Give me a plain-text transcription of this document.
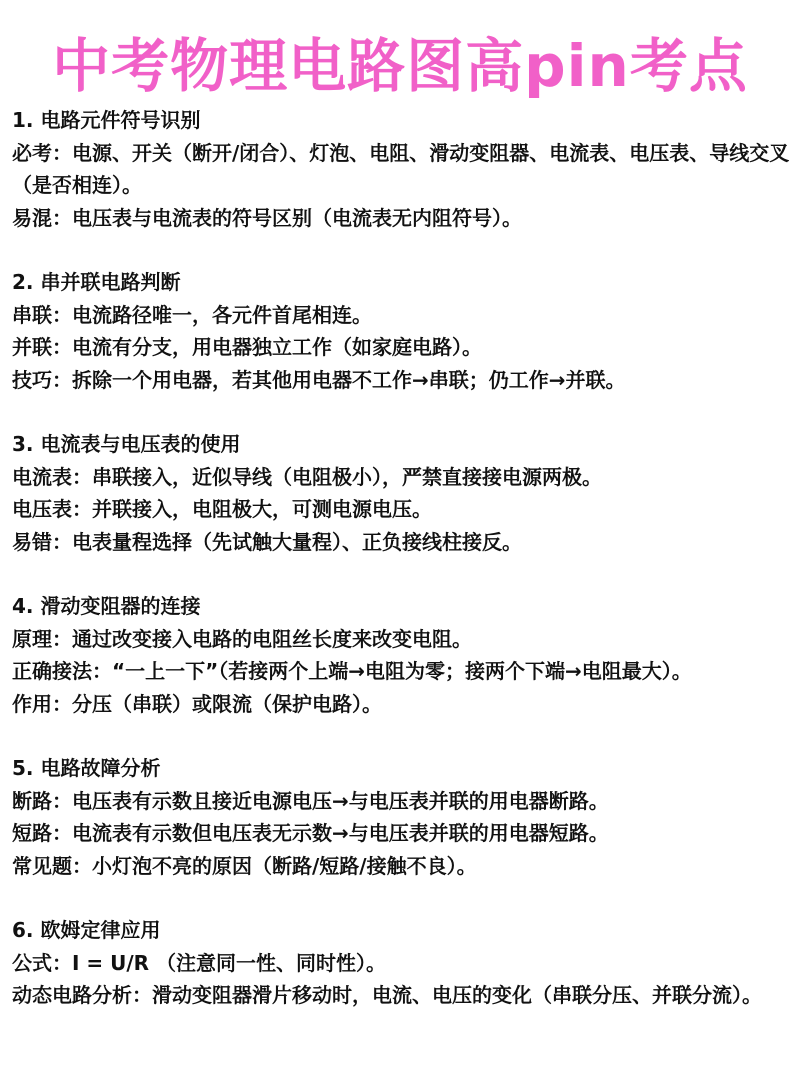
中考物理电路图高pin考点

1. 电路元件符号识别

必考：电源、开关（断开/闭合）、灯泡、电阻、滑动变阻器、电流表、电压表、导线交叉（是否相连）。

易混：电压表与电流表的符号区别（电流表无内阻符号）。

2. 串并联电路判断

串联：电流路径唯一，各元件首尾相连。

并联：电流有分支，用电器独立工作（如家庭电路）。

技巧：拆除一个用电器，若其他用电器不工作→串联；仍工作→并联。

3. 电流表与电压表的使用

电流表：串联接入，近似导线（电阻极小），严禁直接接电源两极。

电压表：并联接入，电阻极大，可测电源电压。

易错：电表量程选择（先试触大量程）、正负接线柱接反。

4. 滑动变阻器的连接

原理：通过改变接入电路的电阻丝长度来改变电阻。

正确接法：“一上一下”（若接两个上端→电阻为零；接两个下端→电阻最大）。

作用：分压（串联）或限流（保护电路）。

5. 电路故障分析

断路：电压表有示数且接近电源电压→与电压表并联的用电器断路。

短路：电流表有示数但电压表无示数→与电压表并联的用电器短路。

常见题：小灯泡不亮的原因（断路/短路/接触不良）。

6. 欧姆定律应用

公式：I = U/R （注意同一性、同时性）。

动态电路分析：滑动变阻器滑片移动时，电流、电压的变化（串联分压、并联分流）。
